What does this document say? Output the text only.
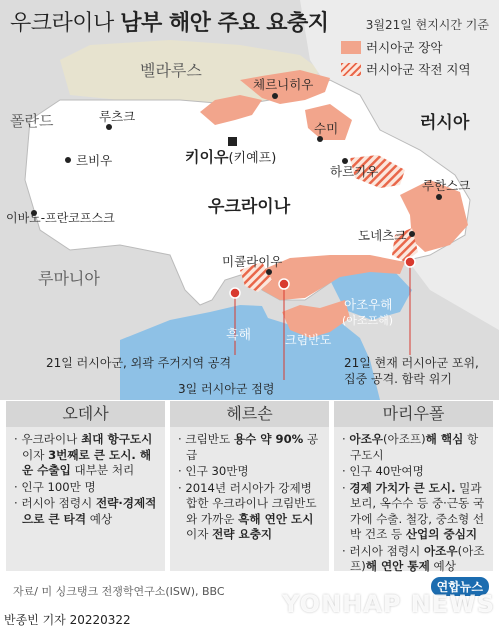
벨라루스
폴란드	러시아
우크라이나
루마니아
루츠크
르비우
이바노-프란코프스크
체르니히우
수미
하르키우
루한스크
도네츠크
미콜라이우
키이우(키예프)
흑해	크림반도
아조우해
(아조프해)
우크라이나 남부 해안 주요 요충지	3월21일 현지시간 기준
러시아군 장악
러시아군 작전 지역
21일 러시아군, 외곽 주거지역 공격
3일 러시아군 점령
21일 현재 러시아군 포위,
집중 공격. 함락 위기
오데사
· 우크라이나 최대 항구도시이자 3번째로 큰 도시. 해운 수출입 대부분 처리
· 인구 100만 명
· 러시아 점령시 전략·경제적으로 큰 타격 예상
헤르손
· 크림반도 용수 약 90% 공급
· 인구 30만명
· 2014년 러시아가 강제병합한 우크라이나 크림반도와 가까운 흑해 연안 도시이자 전략 요충지
마리우폴
· 아조우(아조프)해 핵심 항구도시
· 인구 40만여명
· 경제 가치가 큰 도시. 밀과 보리, 옥수수 등 중·근동 국가에 수출. 철강, 중소형 선박 건조 등 산업의 중심지
· 러시아 점령시 아조우(아조프)해 연안 통제 예상
자료/ 미 싱크탱크 전쟁학연구소(ISW), BBC
반종빈 기자 20220322
연합뉴스
YONHAP NEWS
